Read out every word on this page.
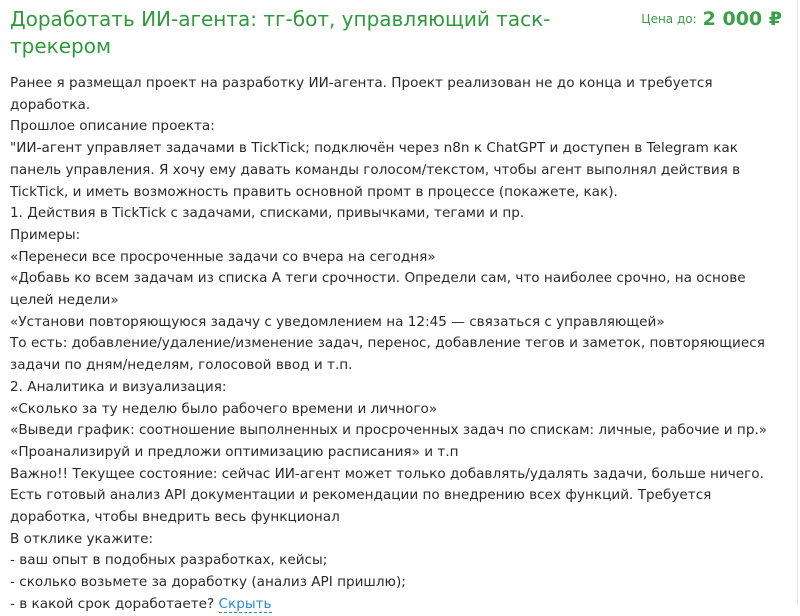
Доработать ИИ-агента: тг-бот, управляющий таск-трекером
Цена до: 2 000 ₽
Ранее я размещал проект на разработку ИИ-агента. Проект реализован не до конца и требуется доработка.
Прошлое описание проекта:
"ИИ-агент управляет задачами в TickTick; подключён через n8n к ChatGPT и доступен в Telegram как панель управления. Я хочу ему давать команды голосом/текстом, чтобы агент выполнял действия в TickTick, и иметь возможность править основной промт в процессе (покажете, как).
1. Действия в TickTick с задачами, списками, привычками, тегами и пр.
Примеры:
«Перенеси все просроченные задачи со вчера на сегодня»
«Добавь ко всем задачам из списка А теги срочности. Определи сам, что наиболее срочно, на основе целей недели»
«Установи повторяющуюся задачу с уведомлением на 12:45 — связаться с управляющей»
То есть: добавление/удаление/изменение задач, перенос, добавление тегов и заметок, повторяющиеся задачи по дням/неделям, голосовой ввод и т.п.
2. Аналитика и визуализация:
«Сколько за ту неделю было рабочего времени и личного»
«Выведи график: соотношение выполненных и просроченных задач по спискам: личные, рабочие и пр.»
«Проанализируй и предложи оптимизацию расписания» и т.п
Важно!! Текущее состояние: сейчас ИИ-агент может только добавлять/удалять задачи, больше ничего. Есть готовый анализ API документации и рекомендации по внедрению всех функций. Требуется доработка, чтобы внедрить весь функционал
В отклике укажите:
- ваш опыт в подобных разработках, кейсы;
- сколько возьмете за доработку (анализ API пришлю);
- в какой срок доработаете? Скрыть
